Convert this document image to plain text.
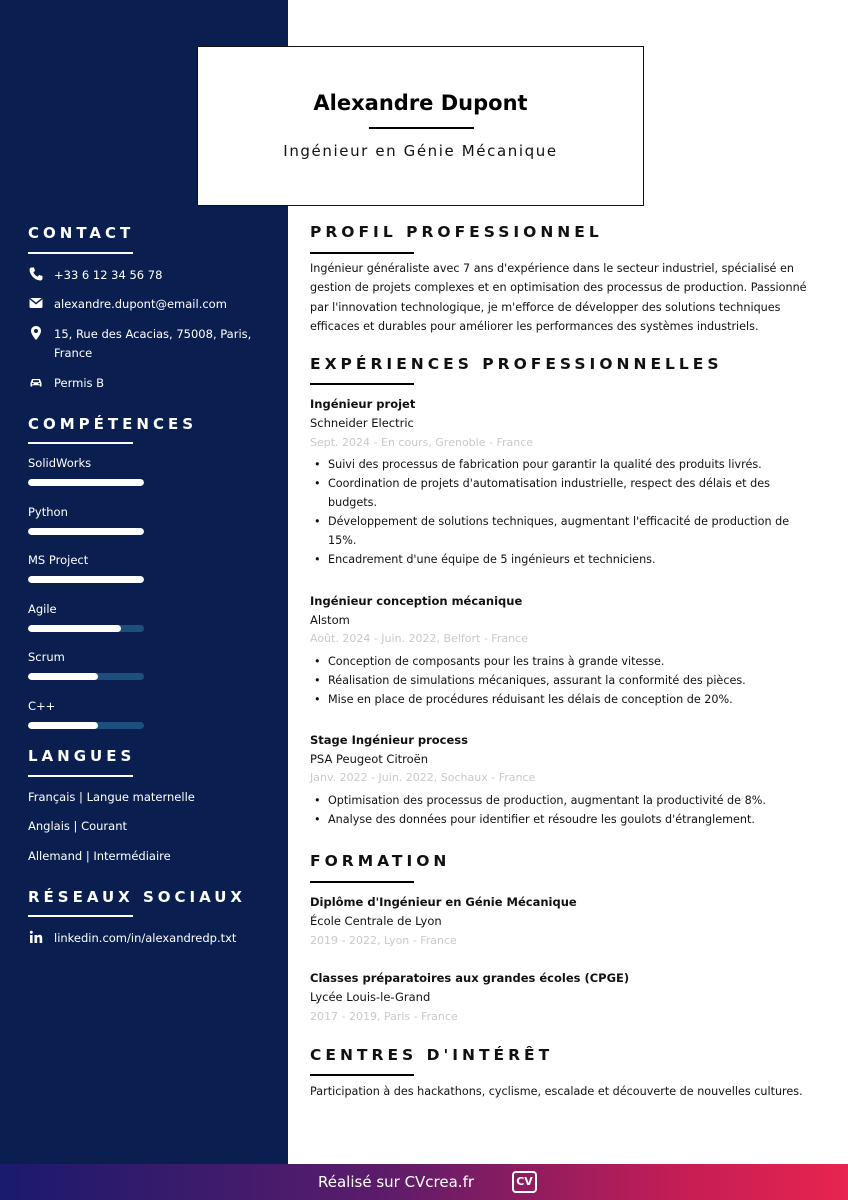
Alexandre Dupont
Ingénieur en Génie Mécanique
CONTACT
+33 6 12 34 56 78
alexandre.dupont@email.com
15, Rue des Acacias, 75008, Paris, France
Permis B
COMPÉTENCES
SolidWorks
Python
MS Project
Agile
Scrum
C++
LANGUES
Français | Langue maternelle
Anglais | Courant
Allemand | Intermédiaire
RÉSEAUX SOCIAUX
linkedin.com/in/alexandredp.txt
PROFIL PROFESSIONNEL
Ingénieur généraliste avec 7 ans d'expérience dans le secteur industriel, spécialisé en gestion de projets complexes et en optimisation des processus de production. Passionné par l'innovation technologique, je m'efforce de développer des solutions techniques efficaces et durables pour améliorer les performances des systèmes industriels.
EXPÉRIENCES PROFESSIONNELLES
Ingénieur projet
Schneider Electric
Sept. 2024 - En cours, Grenoble - France
• Suivi des processus de fabrication pour garantir la qualité des produits livrés.
• Coordination de projets d'automatisation industrielle, respect des délais et des budgets.
• Développement de solutions techniques, augmentant l'efficacité de production de 15%.
• Encadrement d'une équipe de 5 ingénieurs et techniciens.
Ingénieur conception mécanique
Alstom
Août. 2024 - Juin. 2022, Belfort - France
• Conception de composants pour les trains à grande vitesse.
• Réalisation de simulations mécaniques, assurant la conformité des pièces.
• Mise en place de procédures réduisant les délais de conception de 20%.
Stage Ingénieur process
PSA Peugeot Citroën
Janv. 2022 - Juin. 2022, Sochaux - France
• Optimisation des processus de production, augmentant la productivité de 8%.
• Analyse des données pour identifier et résoudre les goulots d'étranglement.
FORMATION
Diplôme d'Ingénieur en Génie Mécanique
École Centrale de Lyon
2019 - 2022, Lyon - France
Classes préparatoires aux grandes écoles (CPGE)
Lycée Louis-le-Grand
2017 - 2019, Paris - France
CENTRES D'INTÉRÊT
Participation à des hackathons, cyclisme, escalade et découverte de nouvelles cultures.
Réalisé sur CVcrea.fr	CV
